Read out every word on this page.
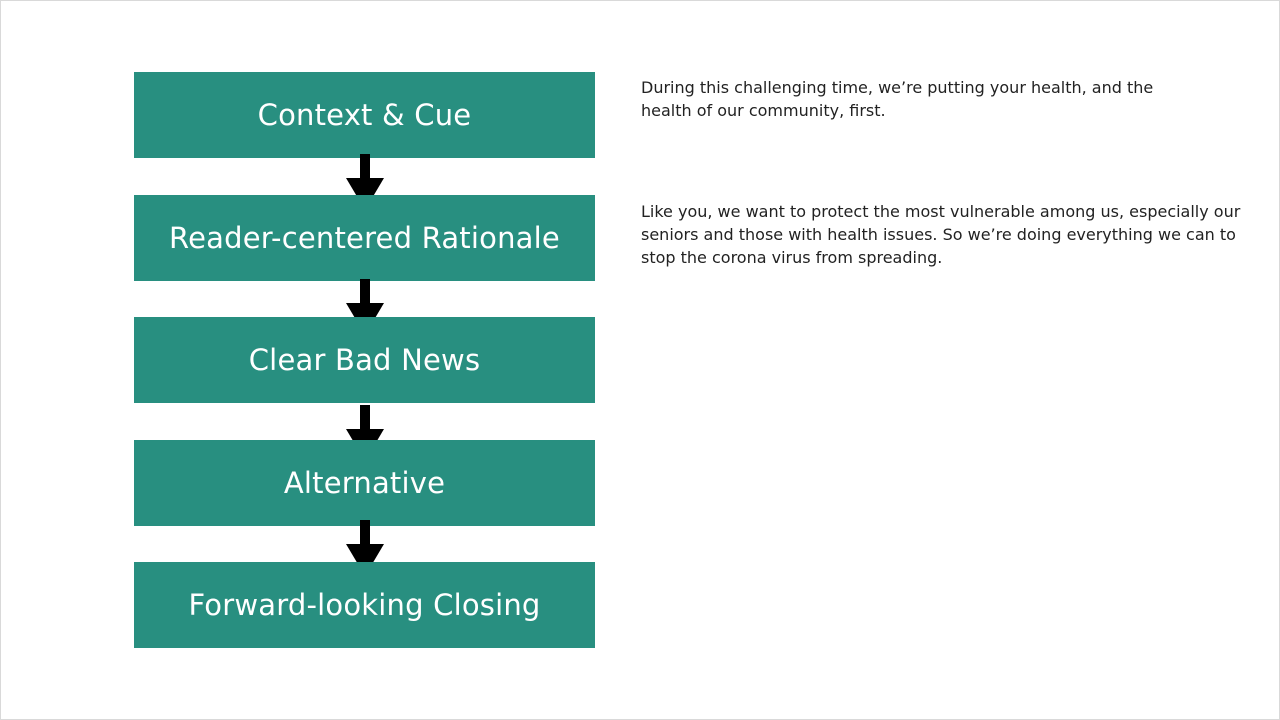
Context & Cue
Reader-centered Rationale
Clear Bad News
Alternative
Forward-looking Closing
During this challenging time, we’re putting your health, and the health of our community, first.
Like you, we want to protect the most vulnerable among us, especially our seniors and those with health issues. So we’re doing everything we can to stop the corona virus from spreading.
